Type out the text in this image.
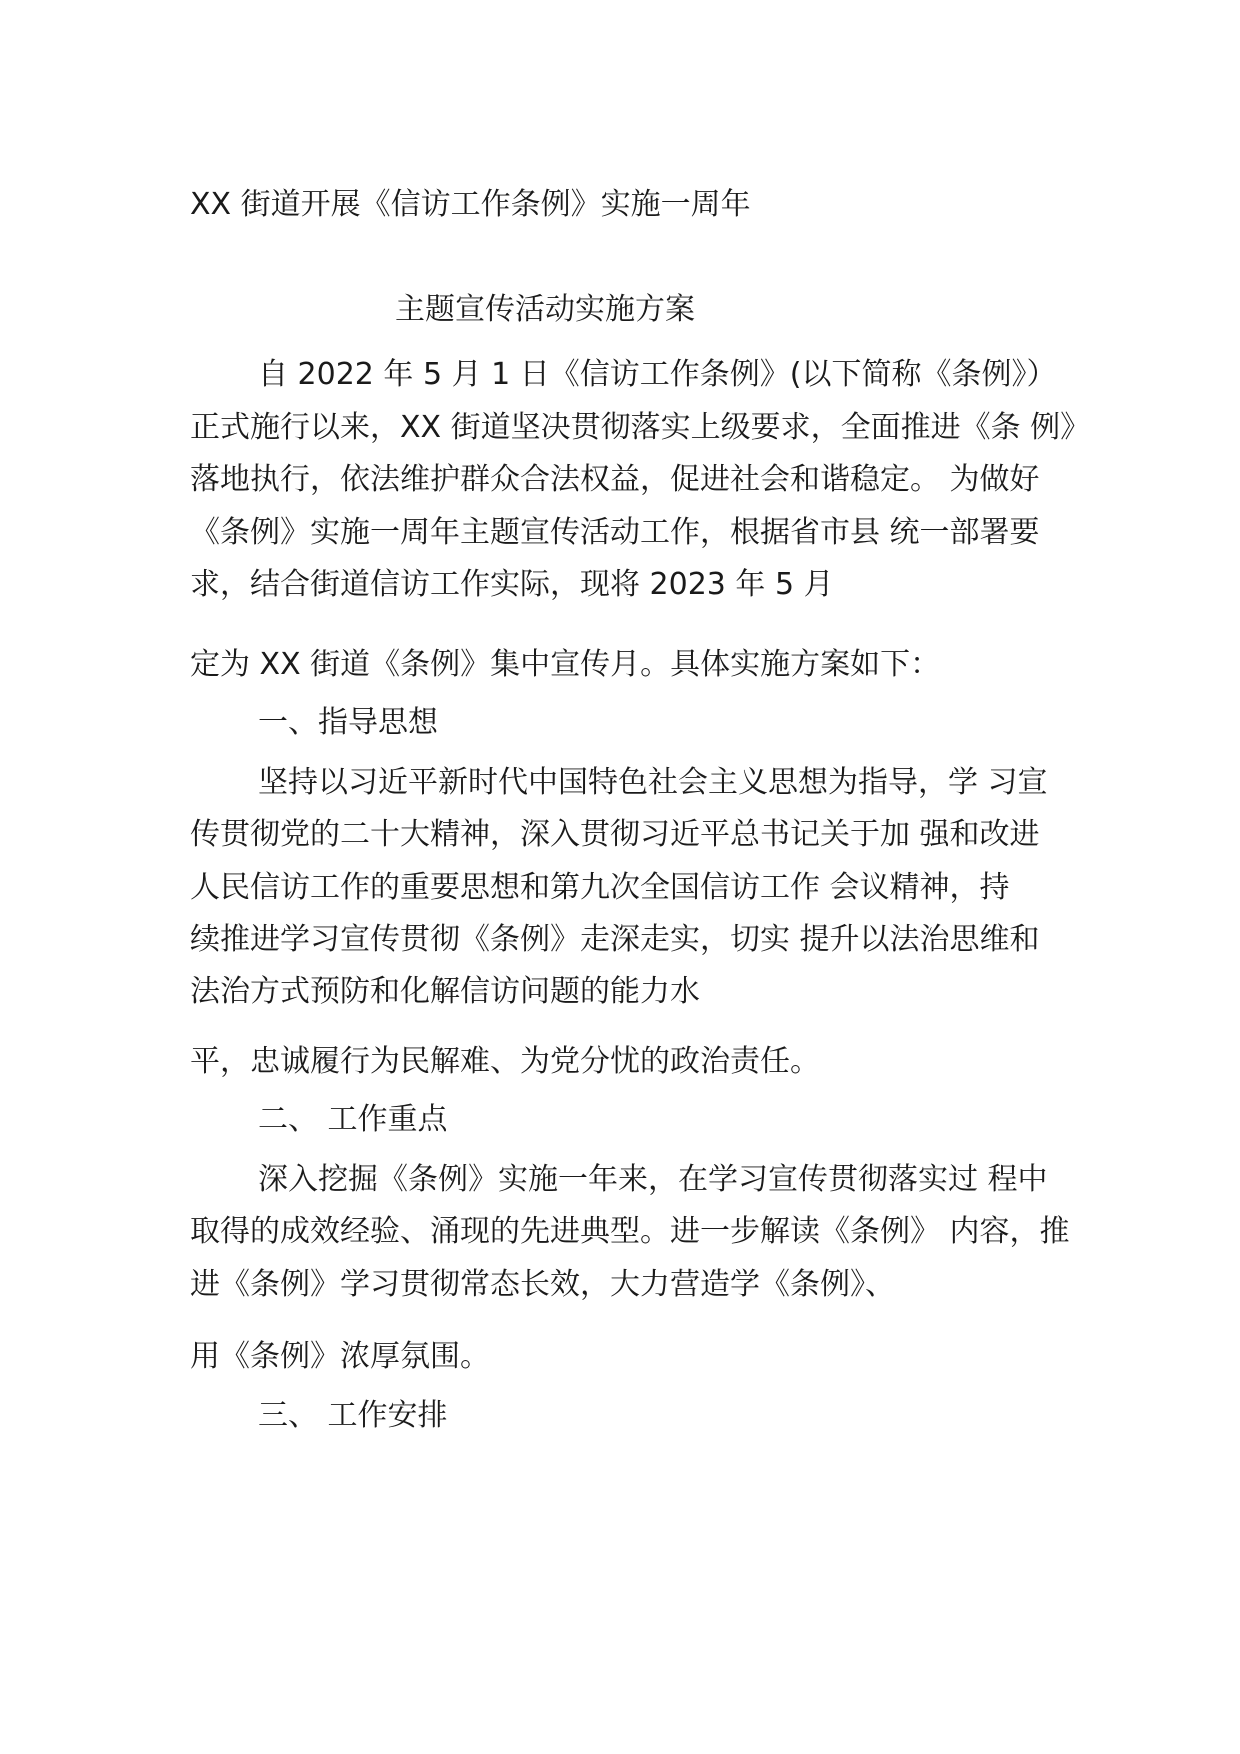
XX 街道开展《信访工作条例》实施一周年
主题宣传活动实施方案
自 2022 年 5 月 1 日《信访工作条例》(以下简称《条例》）
正式施行以来，XX 街道坚决贯彻落实上级要求，全面推进《条 例》
落地执行，依法维护群众合法权益，促进社会和谐稳定。 为做好
《条例》实施一周年主题宣传活动工作，根据省市县 统一部署要
求，结合街道信访工作实际，现将 2023 年 5 月
定为 XX 街道《条例》集中宣传月。具体实施方案如下：
一、指导思想
坚持以习近平新时代中国特色社会主义思想为指导，学 习宣
传贯彻党的二十大精神，深入贯彻习近平总书记关于加 强和改进
人民信访工作的重要思想和第九次全国信访工作 会议精神，持
续推进学习宣传贯彻《条例》走深走实，切实 提升以法治思维和
法治方式预防和化解信访问题的能力水
平，忠诚履行为民解难、为党分忧的政治责任。
二、 工作重点
深入挖掘《条例》实施一年来，在学习宣传贯彻落实过 程中
取得的成效经验、涌现的先进典型。进一步解读《条例》 内容，推
进《条例》学习贯彻常态长效，大力营造学《条例》、
用《条例》浓厚氛围。
三、 工作安排
